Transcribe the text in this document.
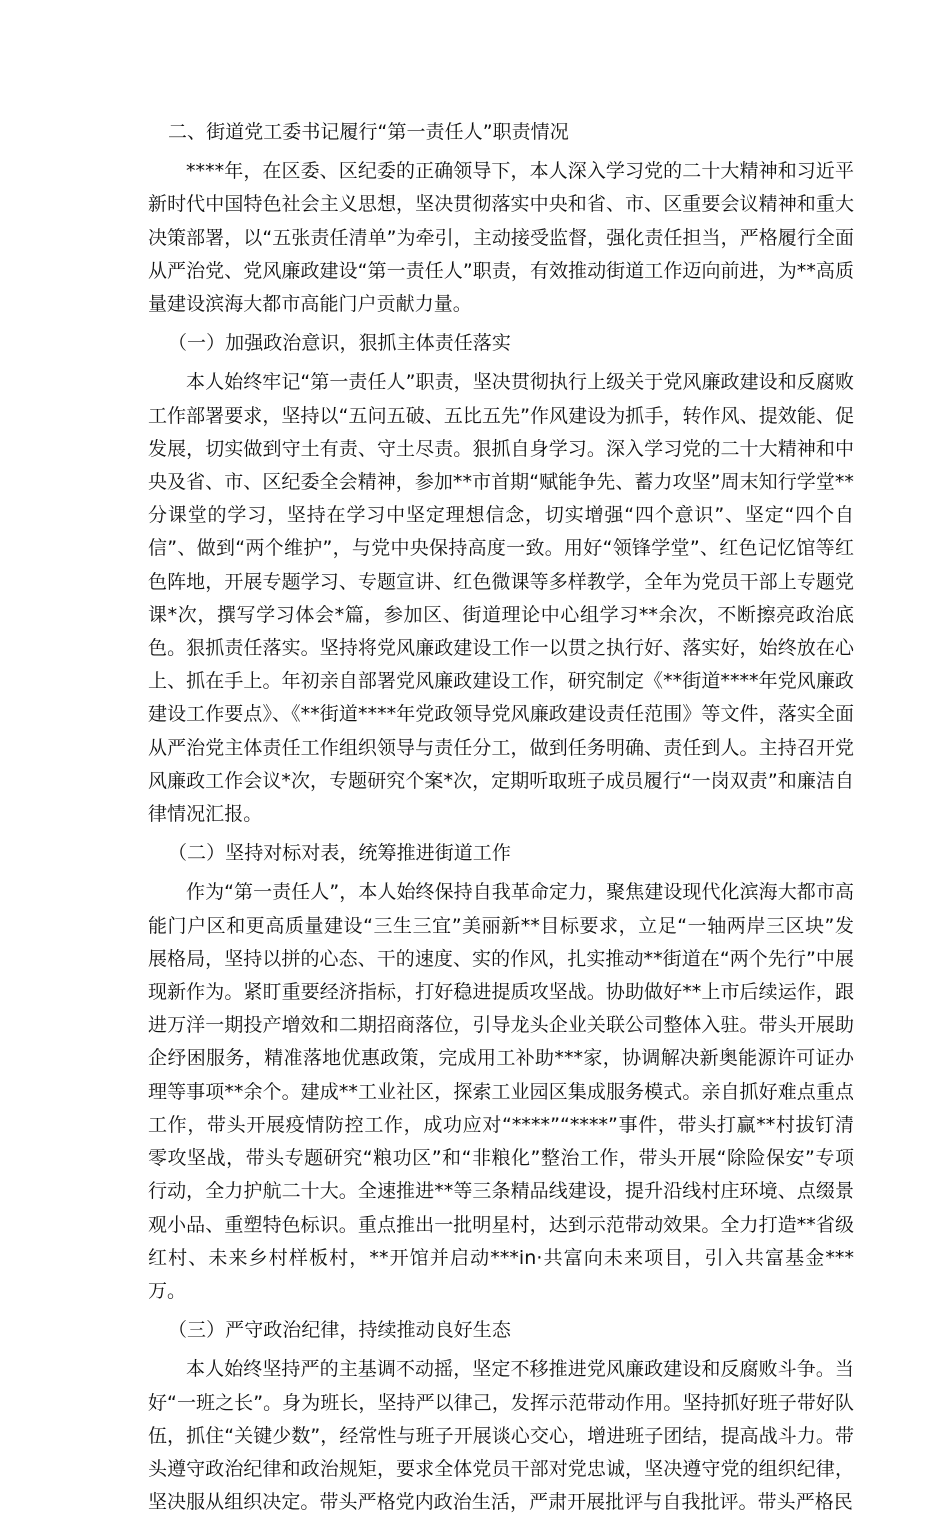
二、街道党工委书记履行“第一责任人”职责情况
****年，在区委、区纪委的正确领导下，本人深入学习党的二十大精神和习近平新时代中国特色社会主义思想，坚决贯彻落实中央和省、市、区重要会议精神和重大决策部署，以“五张责任清单”为牵引，主动接受监督，强化责任担当，严格履行全面从严治党、党风廉政建设“第一责任人”职责，有效推动街道工作迈向前进，为**高质量建设滨海大都市高能门户贡献力量。
（一）加强政治意识，狠抓主体责任落实
本人始终牢记“第一责任人”职责，坚决贯彻执行上级关于党风廉政建设和反腐败工作部署要求，坚持以“五问五破、五比五先”作风建设为抓手，转作风、提效能、促发展，切实做到守土有责、守土尽责。狠抓自身学习。深入学习党的二十大精神和中央及省、市、区纪委全会精神，参加**市首期“赋能争先、蓄力攻坚”周末知行学堂**分课堂的学习，坚持在学习中坚定理想信念，切实增强“四个意识”、坚定“四个自信”、做到“两个维护”，与党中央保持高度一致。用好“领锋学堂”、红色记忆馆等红色阵地，开展专题学习、专题宣讲、红色微课等多样教学，全年为党员干部上专题党课*次，撰写学习体会*篇，参加区、街道理论中心组学习**余次，不断擦亮政治底色。狠抓责任落实。坚持将党风廉政建设工作一以贯之执行好、落实好，始终放在心上、抓在手上。年初亲自部署党风廉政建设工作，研究制定《**街道****年党风廉政建设工作要点》、《**街道****年党政领导党风廉政建设责任范围》等文件，落实全面从严治党主体责任工作组织领导与责任分工，做到任务明确、责任到人。主持召开党风廉政工作会议*次，专题研究个案*次，定期听取班子成员履行“一岗双责”和廉洁自律情况汇报。
（二）坚持对标对表，统筹推进街道工作
作为“第一责任人”，本人始终保持自我革命定力，聚焦建设现代化滨海大都市高能门户区和更高质量建设“三生三宜”美丽新**目标要求，立足“一轴两岸三区块”发展格局，坚持以拼的心态、干的速度、实的作风，扎实推动**街道在“两个先行”中展现新作为。紧盯重要经济指标，打好稳进提质攻坚战。协助做好**上市后续运作，跟进万洋一期投产增效和二期招商落位，引导龙头企业关联公司整体入驻。带头开展助企纾困服务，精准落地优惠政策，完成用工补助***家，协调解决新奥能源许可证办理等事项**余个。建成**工业社区，探索工业园区集成服务模式。亲自抓好难点重点工作，带头开展疫情防控工作，成功应对“****”“****”事件，带头打赢**村拔钉清零攻坚战，带头专题研究“粮功区”和“非粮化”整治工作，带头开展“除险保安”专项行动，全力护航二十大。全速推进**等三条精品线建设，提升沿线村庄环境、点缀景观小品、重塑特色标识。重点推出一批明星村，达到示范带动效果。全力打造**省级红村、未来乡村样板村，**开馆并启动***in·共富向未来项目，引入共富基金***万。
（三）严守政治纪律，持续推动良好生态
本人始终坚持严的主基调不动摇，坚定不移推进党风廉政建设和反腐败斗争。当好“一班之长”。身为班长，坚持严以律己，发挥示范带动作用。坚持抓好班子带好队伍，抓住“关键少数”，经常性与班子开展谈心交心，增进班子团结，提高战斗力。带头遵守政治纪律和政治规矩，要求全体党员干部对党忠诚，坚决遵守党的组织纪律，坚决服从组织决定。带头严格党内政治生活，严肃开展批评与自我批评。带头严格民
